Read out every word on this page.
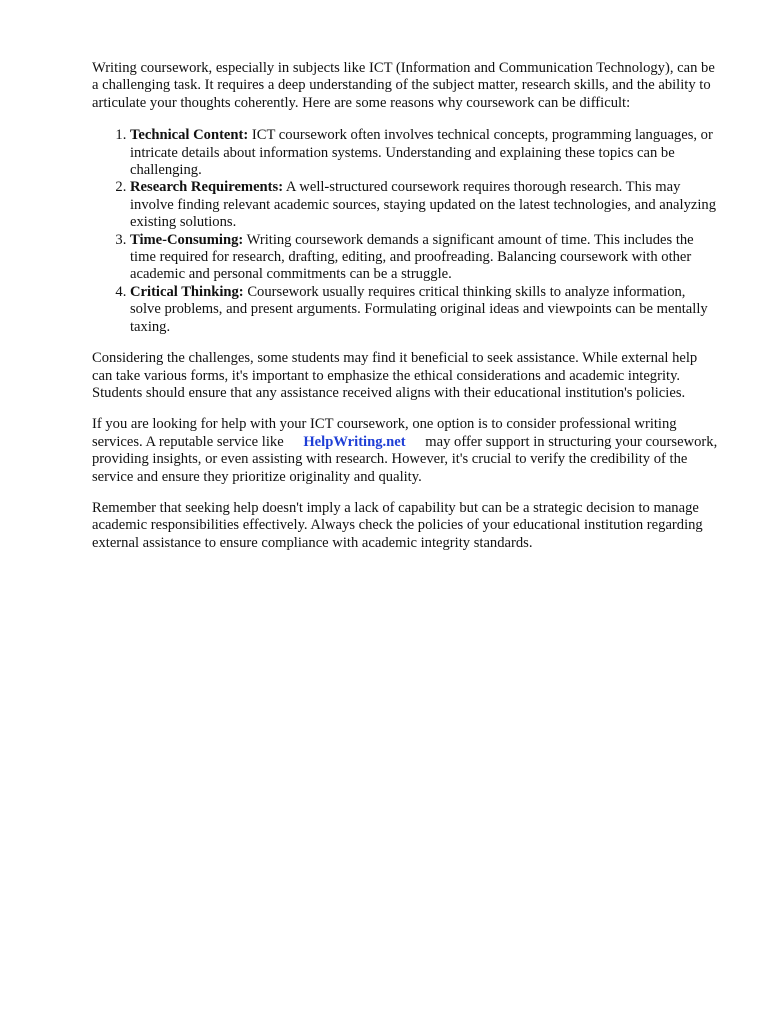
Writing coursework, especially in subjects like ICT (Information and Communication Technology), can be a challenging task. It requires a deep understanding of the subject matter, research skills, and the ability to articulate your thoughts coherently. Here are some reasons why coursework can be difficult:

1. Technical Content: ICT coursework often involves technical concepts, programming languages, or intricate details about information systems. Understanding and explaining these topics can be challenging.
2. Research Requirements: A well-structured coursework requires thorough research. This may involve finding relevant academic sources, staying updated on the latest technologies, and analyzing existing solutions.
3. Time-Consuming: Writing coursework demands a significant amount of time. This includes the time required for research, drafting, editing, and proofreading. Balancing coursework with other academic and personal commitments can be a struggle.
4. Critical Thinking: Coursework usually requires critical thinking skills to analyze information, solve problems, and present arguments. Formulating original ideas and viewpoints can be mentally taxing.

Considering the challenges, some students may find it beneficial to seek assistance. While external help can take various forms, it's important to emphasize the ethical considerations and academic integrity. Students should ensure that any assistance received aligns with their educational institution's policies.

If you are looking for help with your ICT coursework, one option is to consider professional writing services. A reputable service like HelpWriting.net may offer support in structuring your coursework, providing insights, or even assisting with research. However, it's crucial to verify the credibility of the service and ensure they prioritize originality and quality.

Remember that seeking help doesn't imply a lack of capability but can be a strategic decision to manage academic responsibilities effectively. Always check the policies of your educational institution regarding external assistance to ensure compliance with academic integrity standards.
